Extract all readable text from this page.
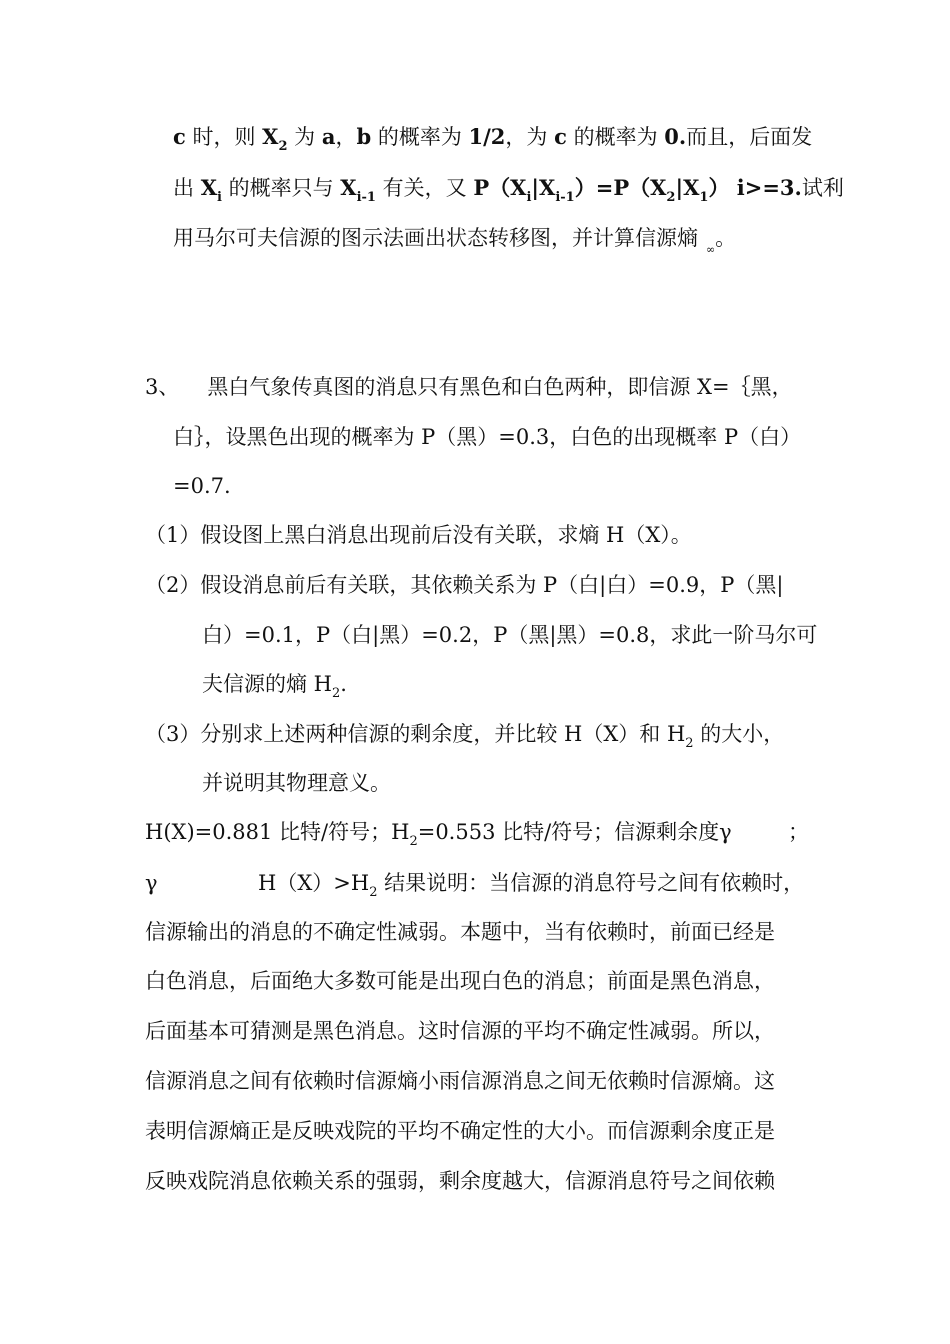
c 时，则 $X_2$ 为 a，b 的概率为 1/2，为 c 的概率为 0.而且，后面发
出 $X_i$ 的概率只与 $X_{i-1}$ 有关，又 $P(X_i|X_{i-1})=P(X_2|X_1)$ i>=3.试利
用马尔可夫信源的图示法画出状态转移图，并计算信源熵 $_\infty$。
3、 黑白气象传真图的消息只有黑色和白色两种，即信源 X=｛黑，
白｝，设黑色出现的概率为 P（黑）=0.3，白色的出现概率 P（白）
=0.7.
（1）假设图上黑白消息出现前后没有关联，求熵 H（X）。
（2）假设消息前后有关联，其依赖关系为 P（白|白）=0.9，P（黑|
白）=0.1，P（白|黑）=0.2，P（黑|黑）=0.8，求此一阶马尔可
夫信源的熵 $H_2$.
（3）分别求上述两种信源的剩余度，并比较 H（X）和 $H_2$ 的大小，
并说明其物理意义。
H(X)=0.881 比特/符号；$H_2=0.553$ 比特/符号；信源剩余度γ	；
γ	$H(X)>H_2$ 结果说明：当信源的消息符号之间有依赖时，
信源输出的消息的不确定性减弱。本题中，当有依赖时，前面已经是
白色消息，后面绝大多数可能是出现白色的消息；前面是黑色消息，
后面基本可猜测是黑色消息。这时信源的平均不确定性减弱。所以，
信源消息之间有依赖时信源熵小雨信源消息之间无依赖时信源熵。这
表明信源熵正是反映戏院的平均不确定性的大小。而信源剩余度正是
反映戏院消息依赖关系的强弱，剩余度越大，信源消息符号之间依赖
